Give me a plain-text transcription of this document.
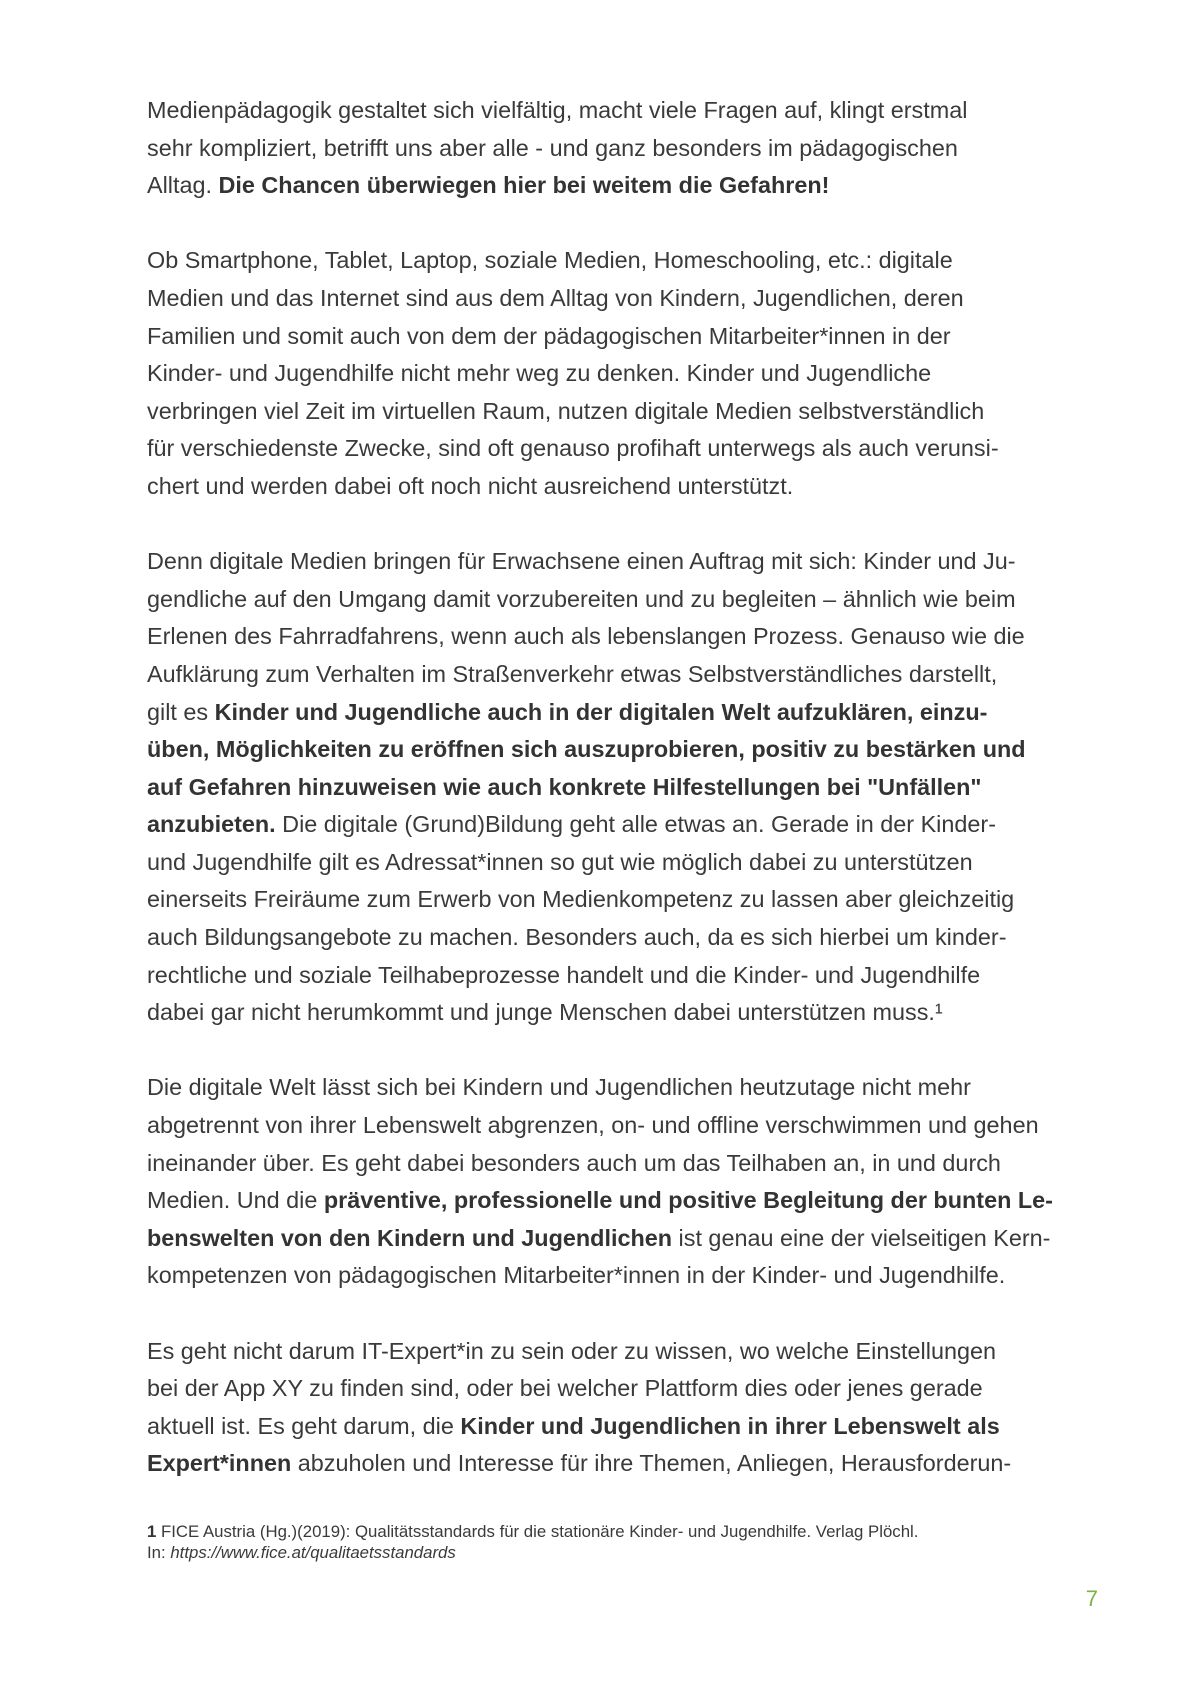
Medienpädagogik gestaltet sich vielfältig, macht viele Fragen auf, klingt erstmal
sehr kompliziert, betrifft uns aber alle - und ganz besonders im pädagogischen
Alltag. Die Chancen überwiegen hier bei weitem die Gefahren!

Ob Smartphone, Tablet, Laptop, soziale Medien, Homeschooling, etc.: digitale
Medien und das Internet sind aus dem Alltag von Kindern, Jugendlichen, deren
Familien und somit auch von dem der pädagogischen Mitarbeiter*innen in der
Kinder- und Jugendhilfe nicht mehr weg zu denken. Kinder und Jugendliche
verbringen viel Zeit im virtuellen Raum, nutzen digitale Medien selbstverständlich
für verschiedenste Zwecke, sind oft genauso profihaft unterwegs als auch verunsi-
chert und werden dabei oft noch nicht ausreichend unterstützt.

Denn digitale Medien bringen für Erwachsene einen Auftrag mit sich: Kinder und Ju-
gendliche auf den Umgang damit vorzubereiten und zu begleiten – ähnlich wie beim
Erlenen des Fahrradfahrens, wenn auch als lebenslangen Prozess. Genauso wie die
Aufklärung zum Verhalten im Straßenverkehr etwas Selbstverständliches darstellt,
gilt es Kinder und Jugendliche auch in der digitalen Welt aufzuklären, einzu-
üben, Möglichkeiten zu eröffnen sich auszuprobieren, positiv zu bestärken und
auf Gefahren hinzuweisen wie auch konkrete Hilfestellungen bei "Unfällen"
anzubieten. Die digitale (Grund)Bildung geht alle etwas an. Gerade in der Kinder-
und Jugendhilfe gilt es Adressat*innen so gut wie möglich dabei zu unterstützen
einerseits Freiräume zum Erwerb von Medienkompetenz zu lassen aber gleichzeitig
auch Bildungsangebote zu machen. Besonders auch, da es sich hierbei um kinder-
rechtliche und soziale Teilhabeprozesse handelt und die Kinder- und Jugendhilfe
dabei gar nicht herumkommt und junge Menschen dabei unterstützen muss.¹

Die digitale Welt lässt sich bei Kindern und Jugendlichen heutzutage nicht mehr
abgetrennt von ihrer Lebenswelt abgrenzen, on- und offline verschwimmen und gehen
ineinander über. Es geht dabei besonders auch um das Teilhaben an, in und durch
Medien. Und die präventive, professionelle und positive Begleitung der bunten Le-
benswelten von den Kindern und Jugendlichen ist genau eine der vielseitigen Kern-
kompetenzen von pädagogischen Mitarbeiter*innen in der Kinder- und Jugendhilfe.

Es geht nicht darum IT-Expert*in zu sein oder zu wissen, wo welche Einstellungen
bei der App XY zu finden sind, oder bei welcher Plattform dies oder jenes gerade
aktuell ist. Es geht darum, die Kinder und Jugendlichen in ihrer Lebenswelt als
Expert*innen abzuholen und Interesse für ihre Themen, Anliegen, Herausforderun-

1 FICE Austria (Hg.)(2019): Qualitätsstandards für die stationäre Kinder- und Jugendhilfe. Verlag Plöchl.
In: https://www.fice.at/qualitaetsstandards
7
